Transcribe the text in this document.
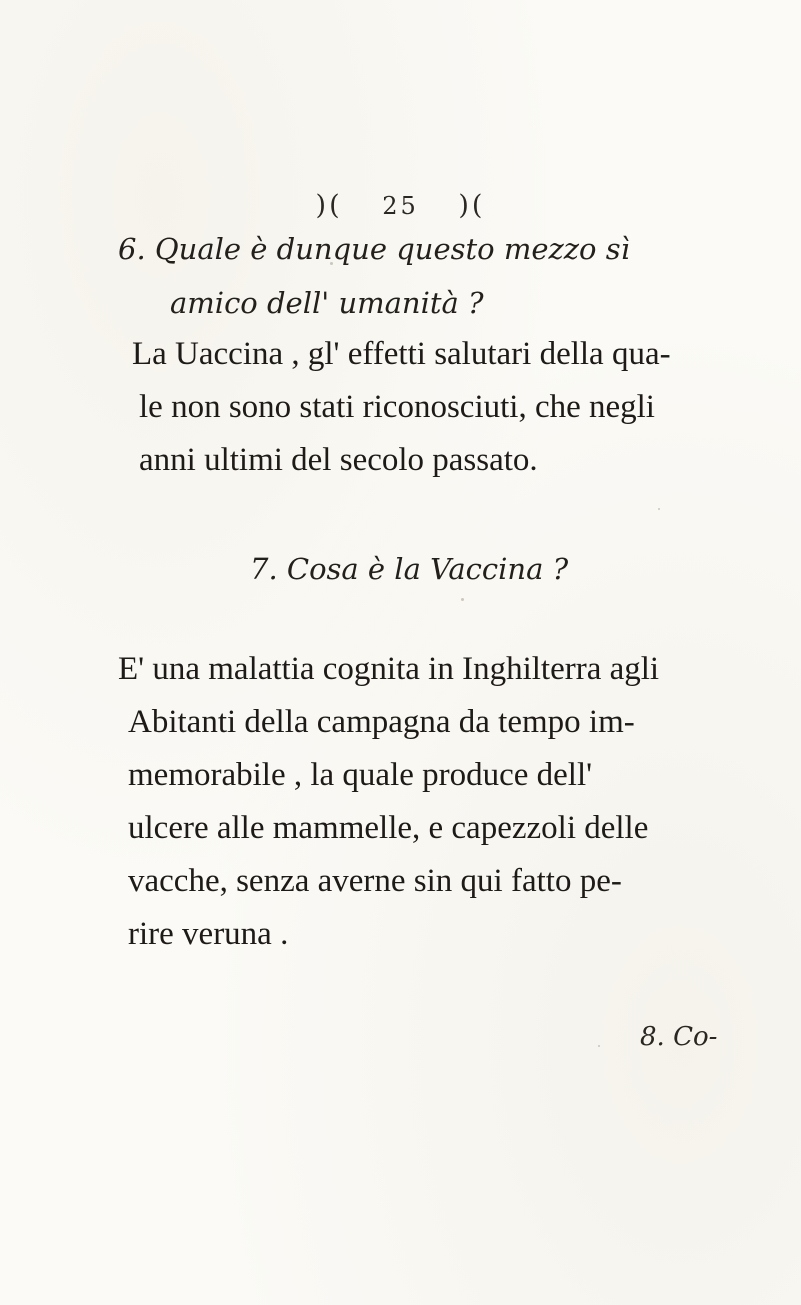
)( 25 )(
6. Quale è dunque questo mezzo sì
amico dell' umanità ?
La Uaccina , gl' effetti salutari della qua-
le non sono stati riconosciuti, che negli
anni ultimi del secolo passato.
7. Cosa è la Vaccina ?
E' una malattia cognita in Inghilterra agli
Abitanti della campagna da tempo im-
memorabile , la quale produce dell'
ulcere alle mammelle, e capezzoli delle
vacche, senza averne sin qui fatto pe-
rire veruna .
8. Co-
